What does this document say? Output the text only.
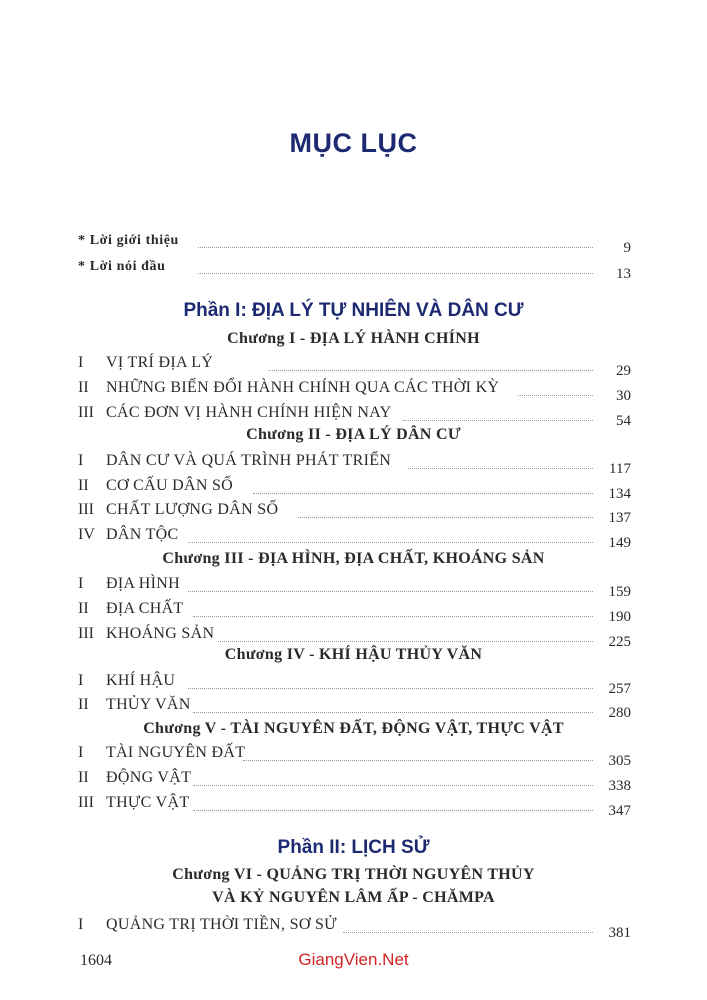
MỤC LỤC
* Lời giới thiệu	9
* Lời nói đầu	13
Phần I: ĐỊA LÝ TỰ NHIÊN VÀ DÂN CƯ
Chương I - ĐỊA LÝ HÀNH CHÍNH
I VỊ TRÍ ĐỊA LÝ	29
II NHỮNG BIẾN ĐỔI HÀNH CHÍNH QUA CÁC THỜI KỲ	30
III CÁC ĐƠN VỊ HÀNH CHÍNH HIỆN NAY	54
Chương II - ĐỊA LÝ DÂN CƯ
I DÂN CƯ VÀ QUÁ TRÌNH PHÁT TRIỂN	117
II CƠ CẤU DÂN SỐ	134
III CHẤT LƯỢNG DÂN SỐ	137
IV DÂN TỘC	149
Chương III - ĐỊA HÌNH, ĐỊA CHẤT, KHOÁNG SẢN
I ĐỊA HÌNH	159
II ĐỊA CHẤT	190
III KHOÁNG SẢN	225
Chương IV - KHÍ HẬU THỦY VĂN
I KHÍ HẬU	257
II THỦY VĂN	280
Chương V - TÀI NGUYÊN ĐẤT, ĐỘNG VẬT, THỰC VẬT
I TÀI NGUYÊN ĐẤT	305
II ĐỘNG VẬT	338
III THỰC VẬT	347
Phần II: LỊCH SỬ
Chương VI - QUẢNG TRỊ THỜI NGUYÊN THỦY
VÀ KỶ NGUYÊN LÂM ẤP - CHĂMPA
I QUẢNG TRỊ THỜI TIỀN, SƠ SỬ	381
1604	GiangVien.Net
